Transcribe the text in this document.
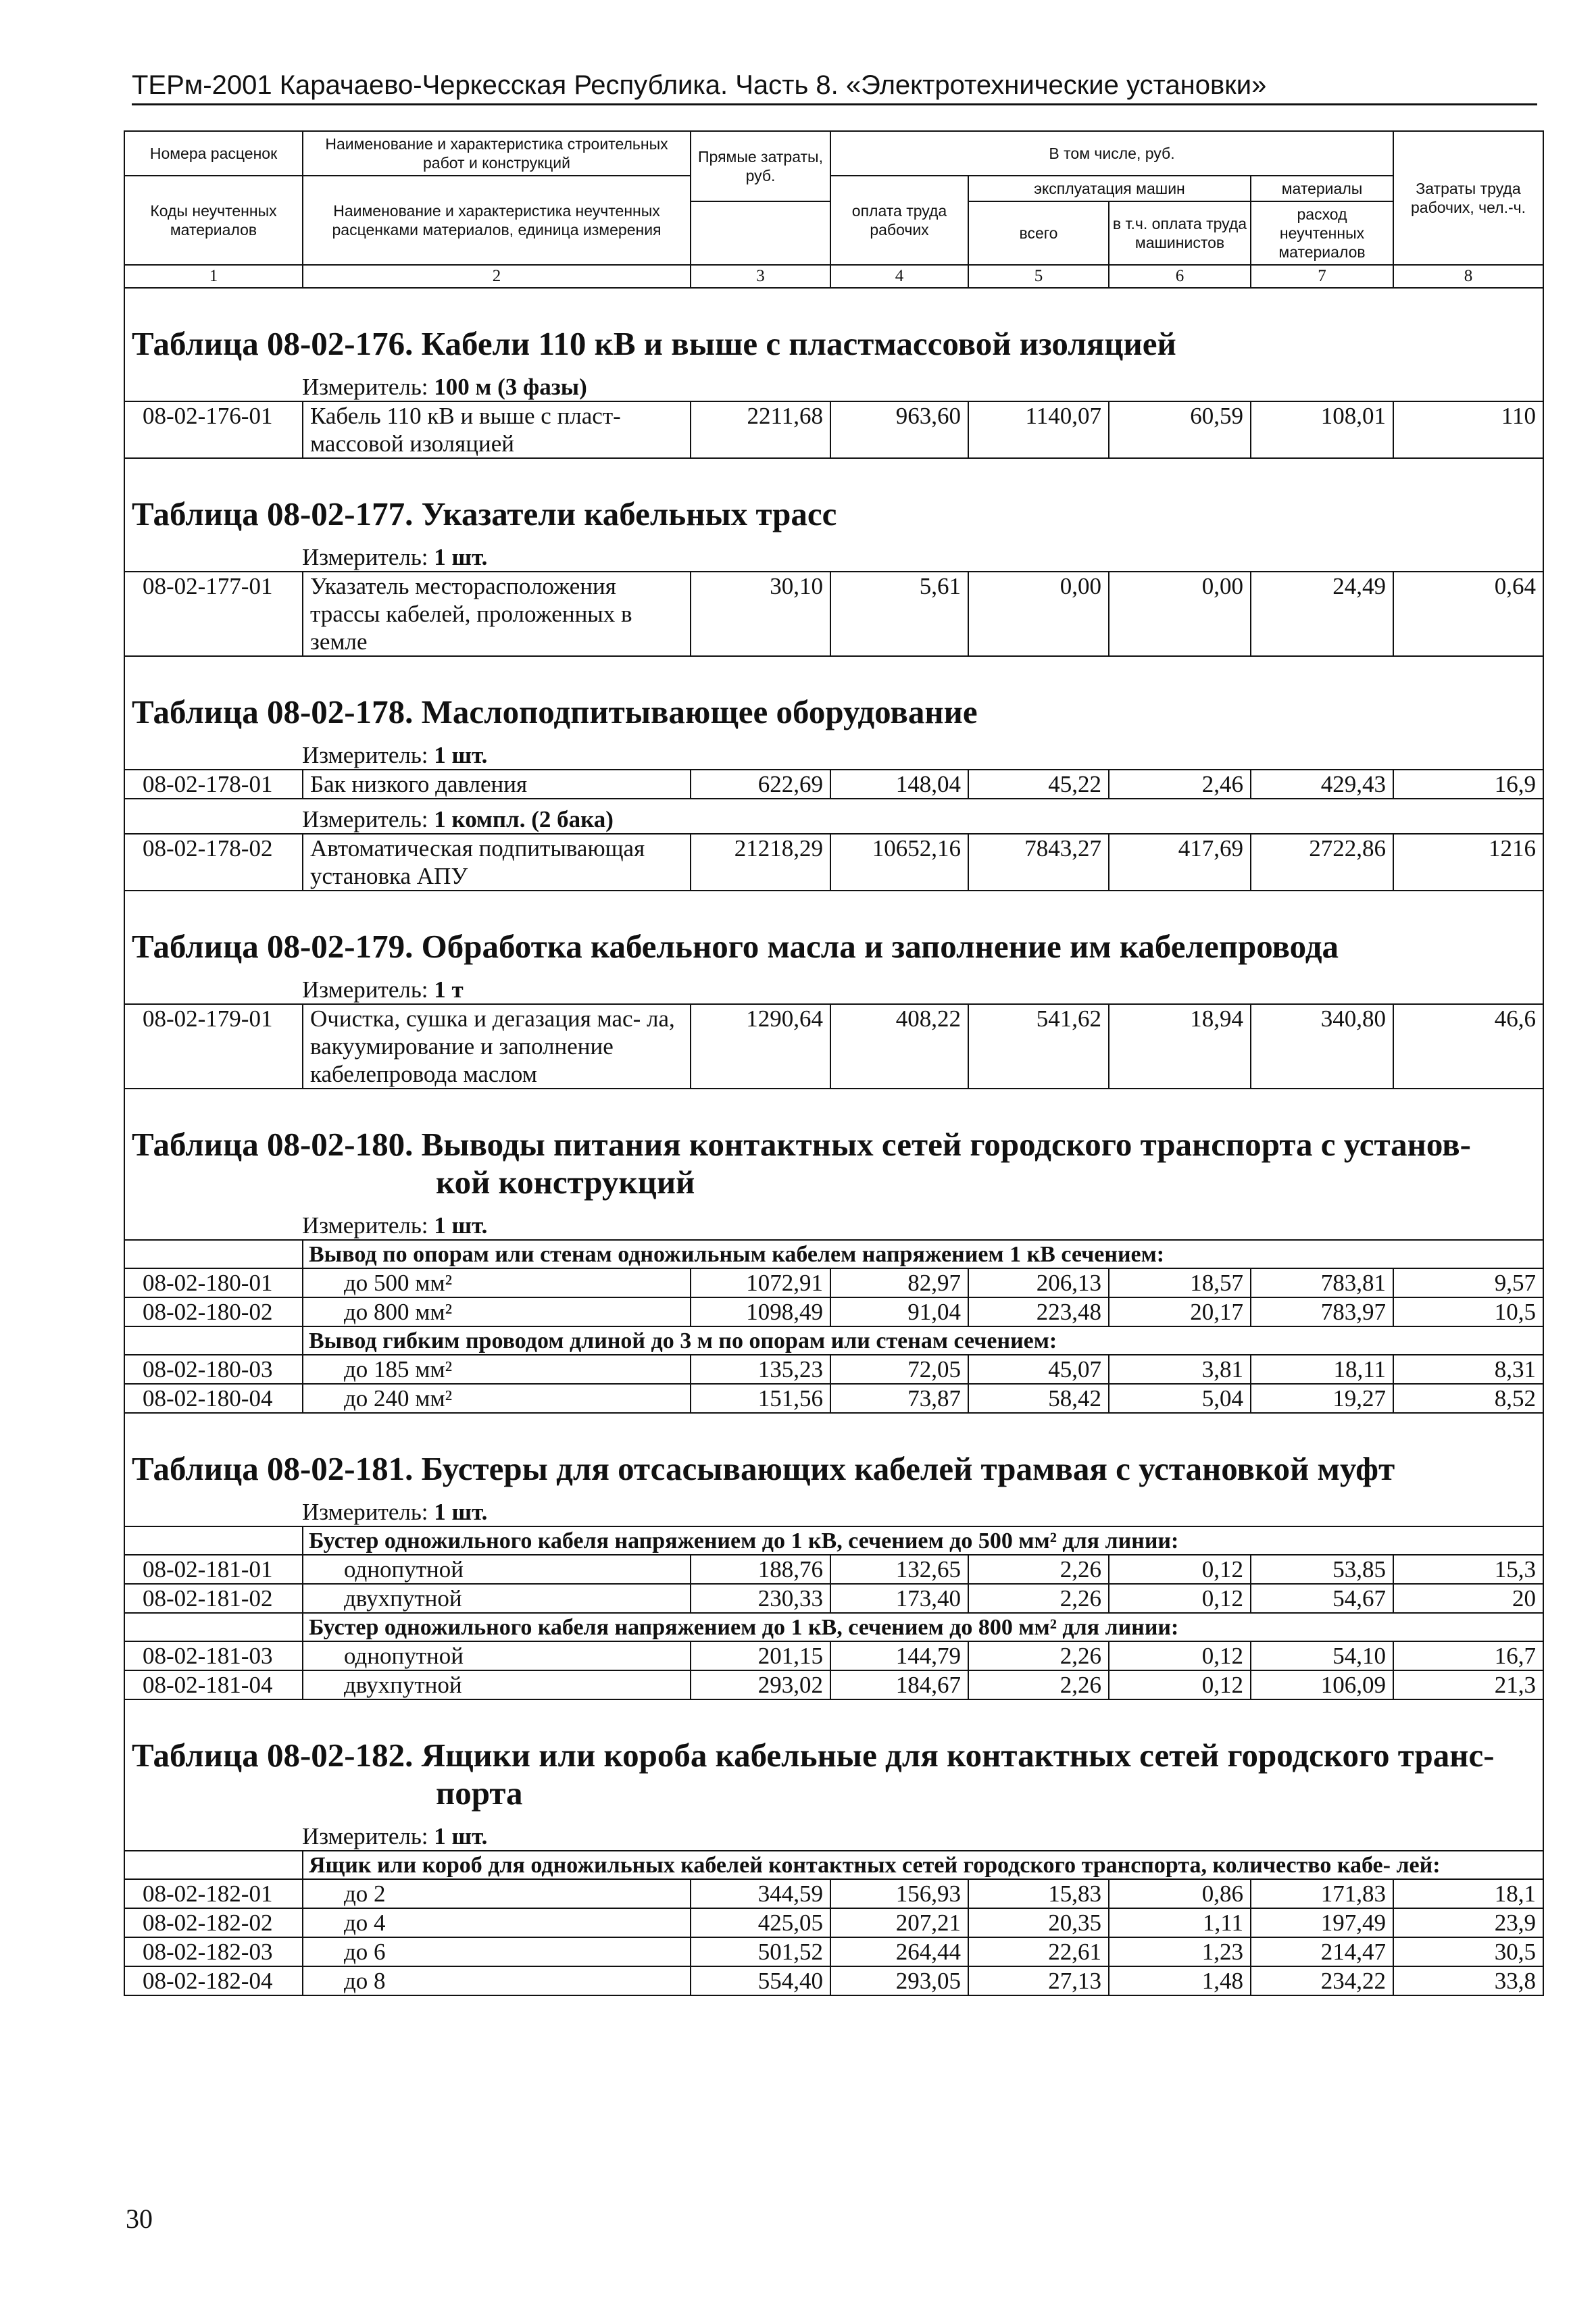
ТЕРм-2001 Карачаево-Черкесская Республика. Часть 8. «Электротехнические установки»
Номера расценок	Наименование и характеристика строительных работ и конструкций	Прямые затраты, руб.	В том числе, руб.				Затраты труда рабочих, чел.-ч.
Коды неучтенных материалов	Наименование и характеристика неучтенных расценками материалов, единица измерения		оплата труда рабочих	эксплуатация машин		материалы	
				всего	в т.ч. оплата труда машинистов	расход неучтенных материалов	

1	2	3	4	5	6	7	8

Таблица 08-02-176. Кабели 110 кВ и выше с пластмассовой изоляцией							
Измеритель: 100 м (3 фазы)							
08-02-176-01	Кабель 110 кВ и выше с пласт- массовой изоляцией	2211,68	963,60	1140,07	60,59	108,01	110

Таблица 08-02-177. Указатели кабельных трасс							
Измеритель: 1 шт.							
08-02-177-01	Указатель месторасположения трассы кабелей, проложенных в земле	30,10	5,61	0,00	0,00	24,49	0,64

Таблица 08-02-178. Маслоподпитывающее оборудование							
Измеритель: 1 шт.							
08-02-178-01	Бак низкого давления	622,69	148,04	45,22	2,46	429,43	16,9
Измеритель: 1 компл. (2 бака)							
08-02-178-02	Автоматическая подпитывающая установка АПУ	21218,29	10652,16	7843,27	417,69	2722,86	1216

Таблица 08-02-179. Обработка кабельного масла и заполнение им кабелепровода							
Измеритель: 1 т							
08-02-179-01	Очистка, сушка и дегазация мас- ла, вакуумирование и заполнение кабелепровода маслом	1290,64	408,22	541,62	18,94	340,80	46,6

Таблица 08-02-180. Выводы питания контактных сетей городского транспорта с установ-
кой конструкций							

Измеритель: 1 шт.							
	Вывод по опорам или стенам одножильным кабелем напряжением 1 кВ сечением:						
08-02-180-01	до 500 мм²	1072,91	82,97	206,13	18,57	783,81	9,57
08-02-180-02	до 800 мм²	1098,49	91,04	223,48	20,17	783,97	10,5
	Вывод гибким проводом длиной до 3 м по опорам или стенам сечением:						
08-02-180-03	до 185 мм²	135,23	72,05	45,07	3,81	18,11	8,31
08-02-180-04	до 240 мм²	151,56	73,87	58,42	5,04	19,27	8,52

Таблица 08-02-181. Бустеры для отсасывающих кабелей трамвая с установкой муфт							
Измеритель: 1 шт.							
	Бустер одножильного кабеля напряжением до 1 кВ, сечением до 500 мм² для линии:						
08-02-181-01	однопутной	188,76	132,65	2,26	0,12	53,85	15,3
08-02-181-02	двухпутной	230,33	173,40	2,26	0,12	54,67	20
	Бустер одножильного кабеля напряжением до 1 кВ, сечением до 800 мм² для линии:						
08-02-181-03	однопутной	201,15	144,79	2,26	0,12	54,10	16,7
08-02-181-04	двухпутной	293,02	184,67	2,26	0,12	106,09	21,3

Таблица 08-02-182. Ящики или короба кабельные для контактных сетей городского транс-
порта							

Измеритель: 1 шт.							
	Ящик или короб для одножильных кабелей контактных сетей городского транспорта, количество кабе- лей:						
08-02-182-01	до 2	344,59	156,93	15,83	0,86	171,83	18,1
08-02-182-02	до 4	425,05	207,21	20,35	1,11	197,49	23,9
08-02-182-03	до 6	501,52	264,44	22,61	1,23	214,47	30,5
08-02-182-04	до 8	554,40	293,05	27,13	1,48	234,22	33,8
30
